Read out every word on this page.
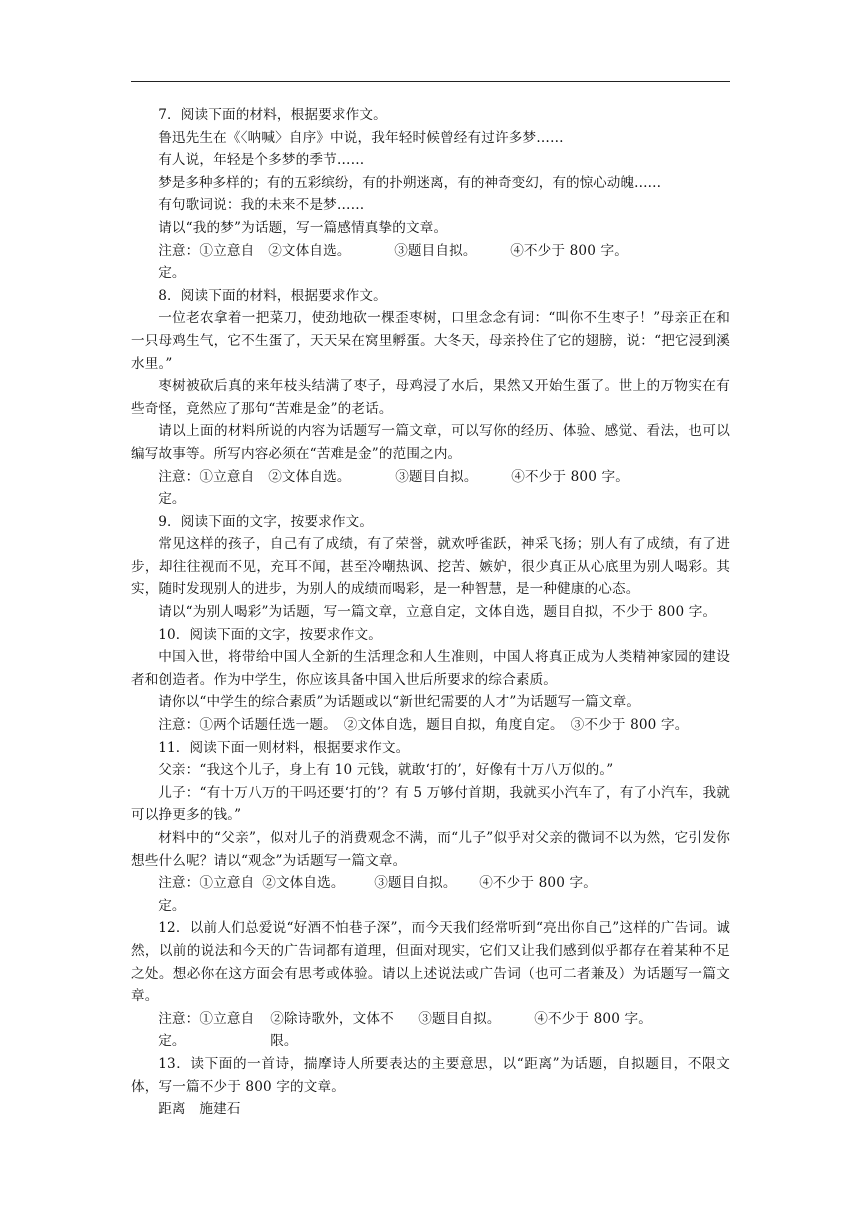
7．阅读下面的材料，根据要求作文。

鲁迅先生在《〈呐喊〉自序》中说，我年轻时候曾经有过许多梦……

有人说，年轻是个多梦的季节……

梦是多种多样的；有的五彩缤纷，有的扑朔迷离，有的神奇变幻，有的惊心动魄……

有句歌词说：我的未来不是梦……

请以“我的梦”为话题，写一篇感情真挚的文章。

注意：①立意自定。
②文体自选。	③题目自拟。	④不少于 800 字。

8．阅读下面的材料，根据要求作文。

一位老农拿着一把菜刀，使劲地砍一棵歪枣树，口里念念有词：“叫你不生枣子！”母亲正在和一只母鸡生气，它不生蛋了，天天呆在窝里孵蛋。大冬天，母亲拎住了它的翅膀，说：“把它浸到溪水里。”

枣树被砍后真的来年枝头结满了枣子，母鸡浸了水后，果然又开始生蛋了。世上的万物实在有些奇怪，竟然应了那句“苦难是金”的老话。

请以上面的材料所说的内容为话题写一篇文章，可以写你的经历、体验、感觉、看法，也可以编写故事等。所写内容必须在“苦难是金”的范围之内。

注意：①立意自定。
②文体自选。	③题目自拟。	④不少于 800 字。

9．阅读下面的文字，按要求作文。

常见这样的孩子，自己有了成绩，有了荣誉，就欢呼雀跃，神采飞扬；别人有了成绩，有了进步，却往往视而不见，充耳不闻，甚至冷嘲热讽、挖苦、嫉妒，很少真正从心底里为别人喝彩。其实，随时发现别人的进步，为别人的成绩而喝彩，是一种智慧，是一种健康的心态。

请以“为别人喝彩”为话题，写一篇文章，立意自定，文体自选，题目自拟，不少于 800 字。

10．阅读下面的文字，按要求作文。

中国入世，将带给中国人全新的生活理念和人生准则，中国人将真正成为人类精神家园的建设者和创造者。作为中学生，你应该具备中国入世后所要求的综合素质。

请你以“中学生的综合素质”为话题或以“新世纪需要的人才”为话题写一篇文章。

注意：①两个话题任选一题。　②文体自选，题目自拟，角度自定。　③不少于 800 字。

11．阅读下面一则材料，根据要求作文。

父亲：“我这个儿子，身上有 10 元钱，就敢‘打的’，好像有十万八万似的。”

儿子：“有十万八万的干吗还要‘打的’？有 5 万够付首期，我就买小汽车了，有了小汽车，我就可以挣更多的钱。”

材料中的“父亲”，似对儿子的消费观念不满，而“儿子”似乎对父亲的微词不以为然，它引发你想些什么呢？请以“观念”为话题写一篇文章。

注意：①立意自定。
②文体自选。	③题目自拟。	④不少于 800 字。

12．以前人们总爱说“好酒不怕巷子深”，而今天我们经常听到“亮出你自己”这样的广告词。诚然，以前的说法和今天的广告词都有道理，但面对现实，它们又让我们感到似乎都存在着某种不足之处。想必你在这方面会有思考或体验。请以上述说法或广告词（也可二者兼及）为话题写一篇文章。

注意：①立意自定。
②除诗歌外，文体不限。
③题目自拟。	④不少于 800 字。

13．读下面的一首诗，揣摩诗人所要表达的主要意思，以“距离”为话题，自拟题目，不限文体，写一篇不少于 800 字的文章。

距离　施建石
